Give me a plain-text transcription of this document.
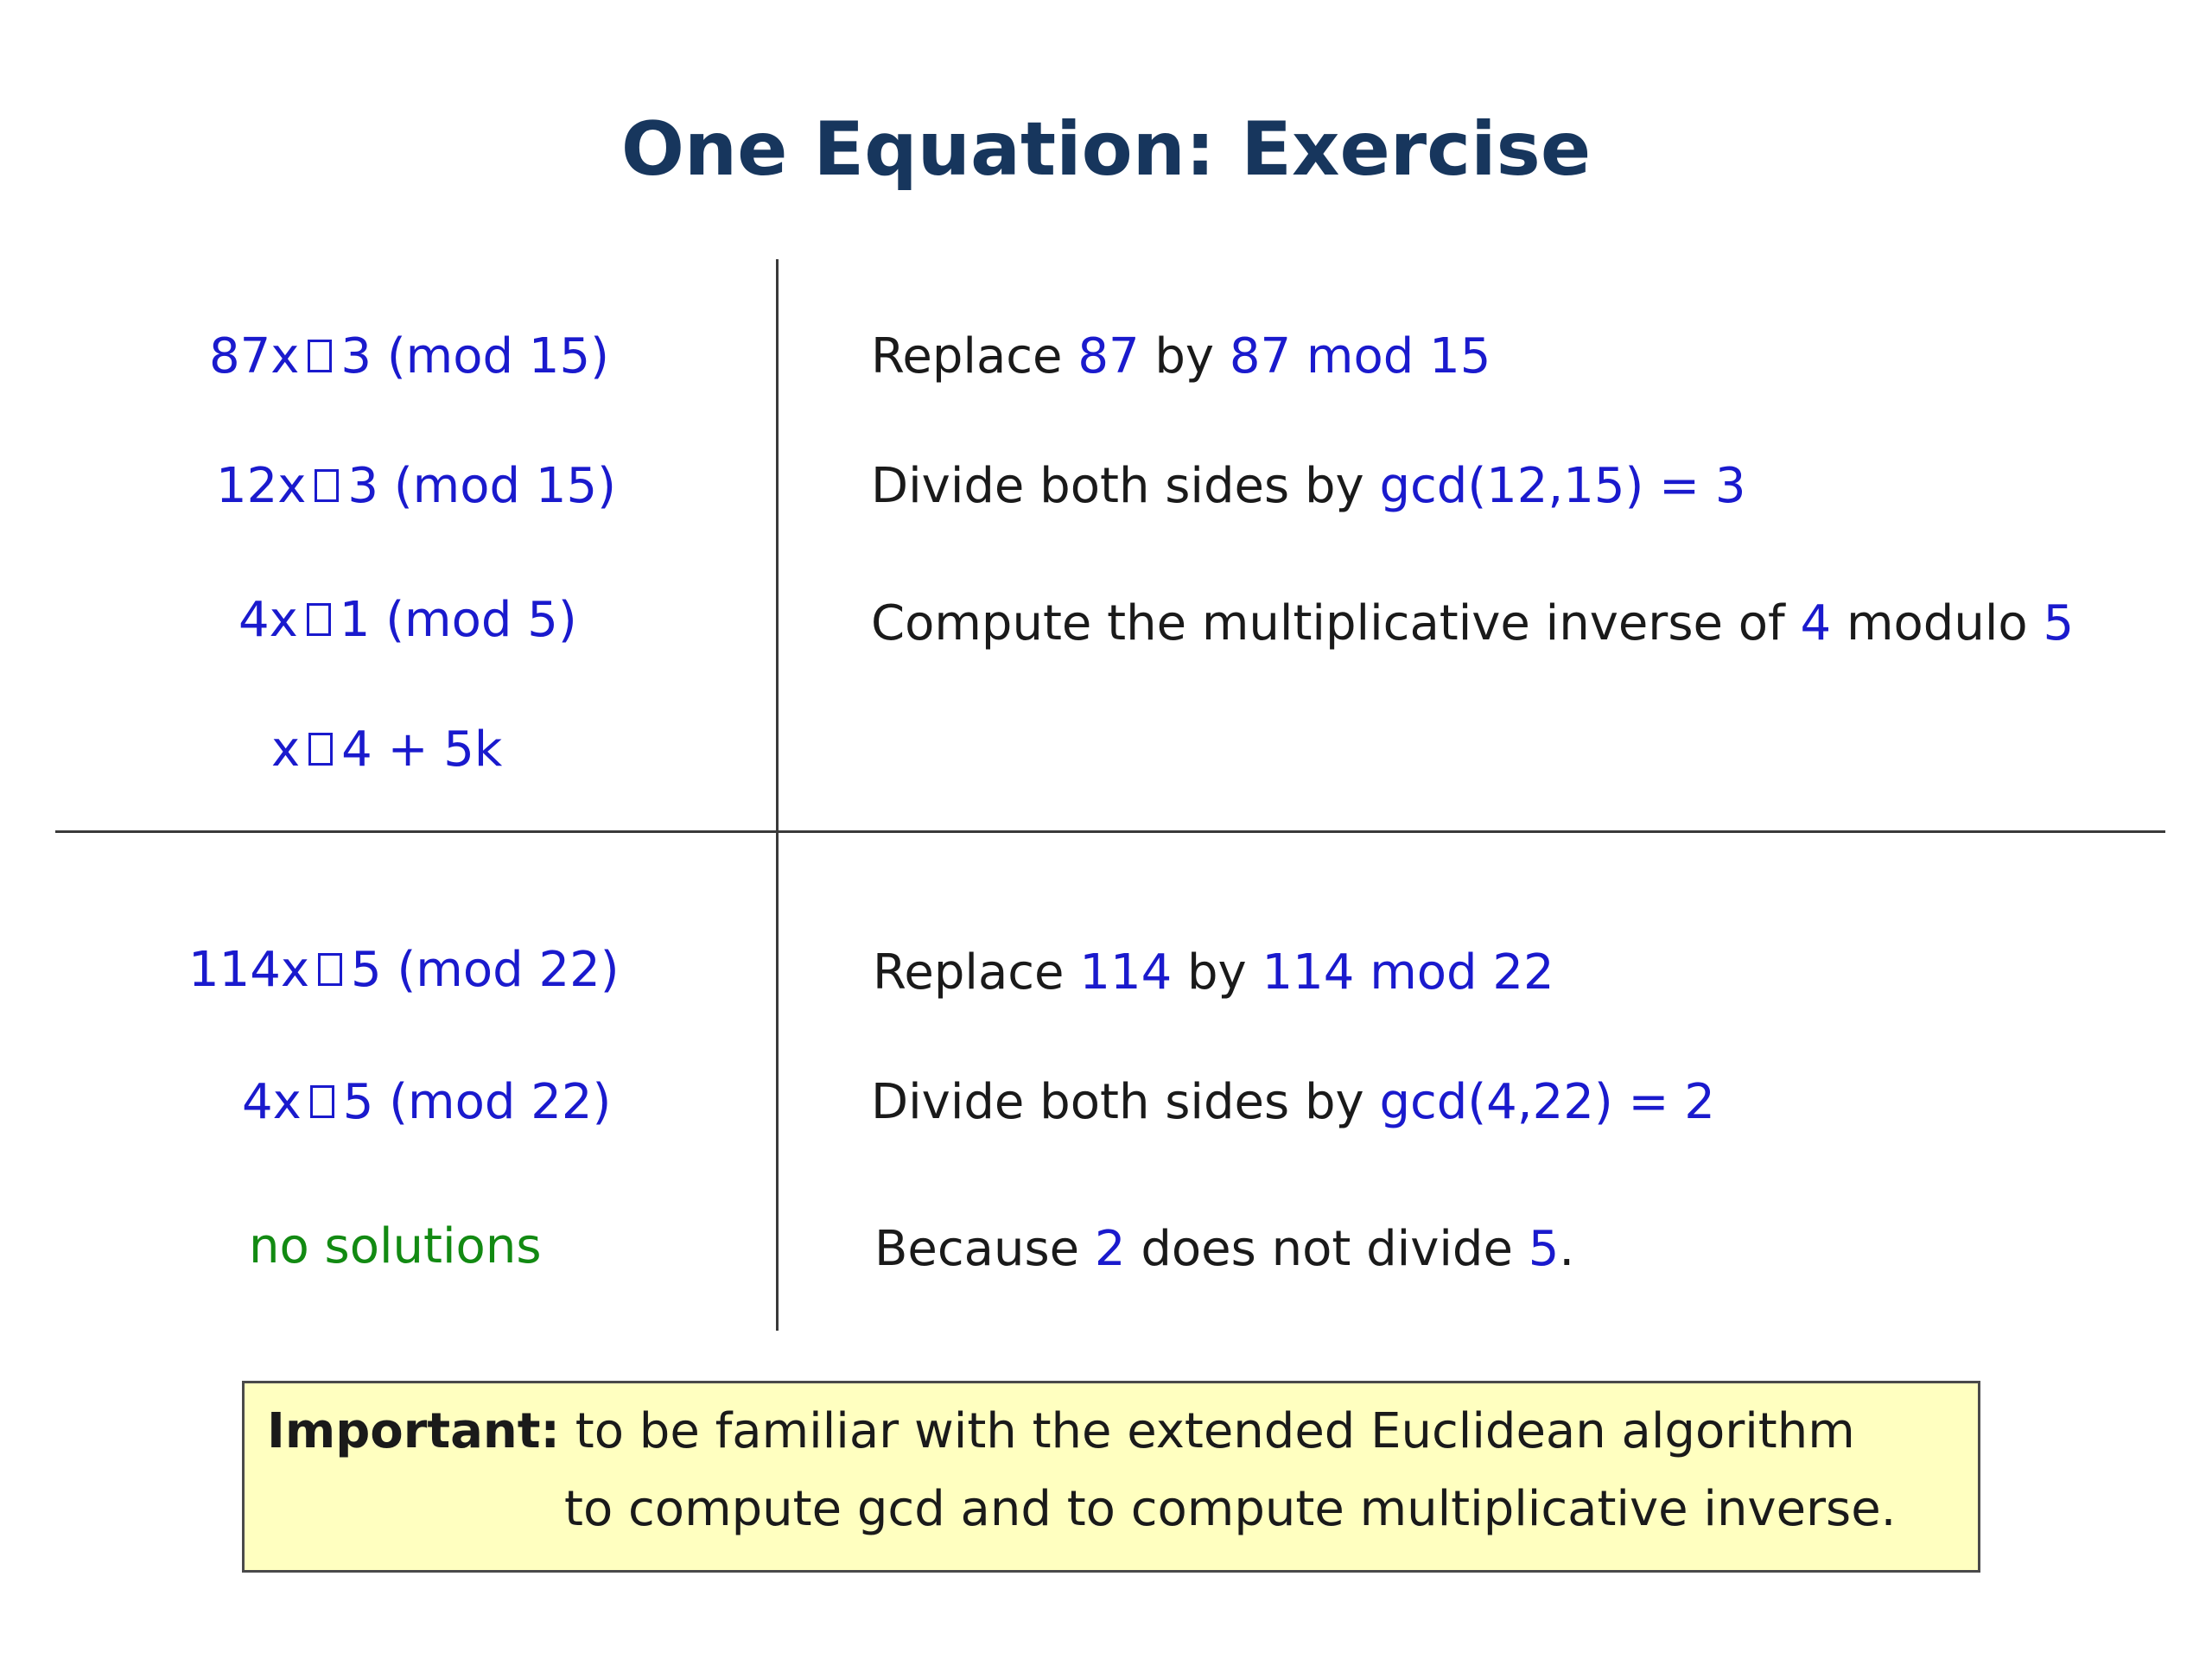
One Equation: Exercise
87x 3 (mod 15)
12x 3 (mod 15)
4x 1 (mod 5)
x 4 + 5k
Replace 87 by 87 mod 15
Divide both sides by gcd(12,15) = 3
Compute the multiplicative inverse of 4 modulo 5
114x 5 (mod 22)
4x 5 (mod 22)
no solutions
Replace 114 by 114 mod 22
Divide both sides by gcd(4,22) = 2
Because 2 does not divide 5.
Important: to be familiar with the extended Euclidean algorithm
to compute gcd and to compute multiplicative inverse.
